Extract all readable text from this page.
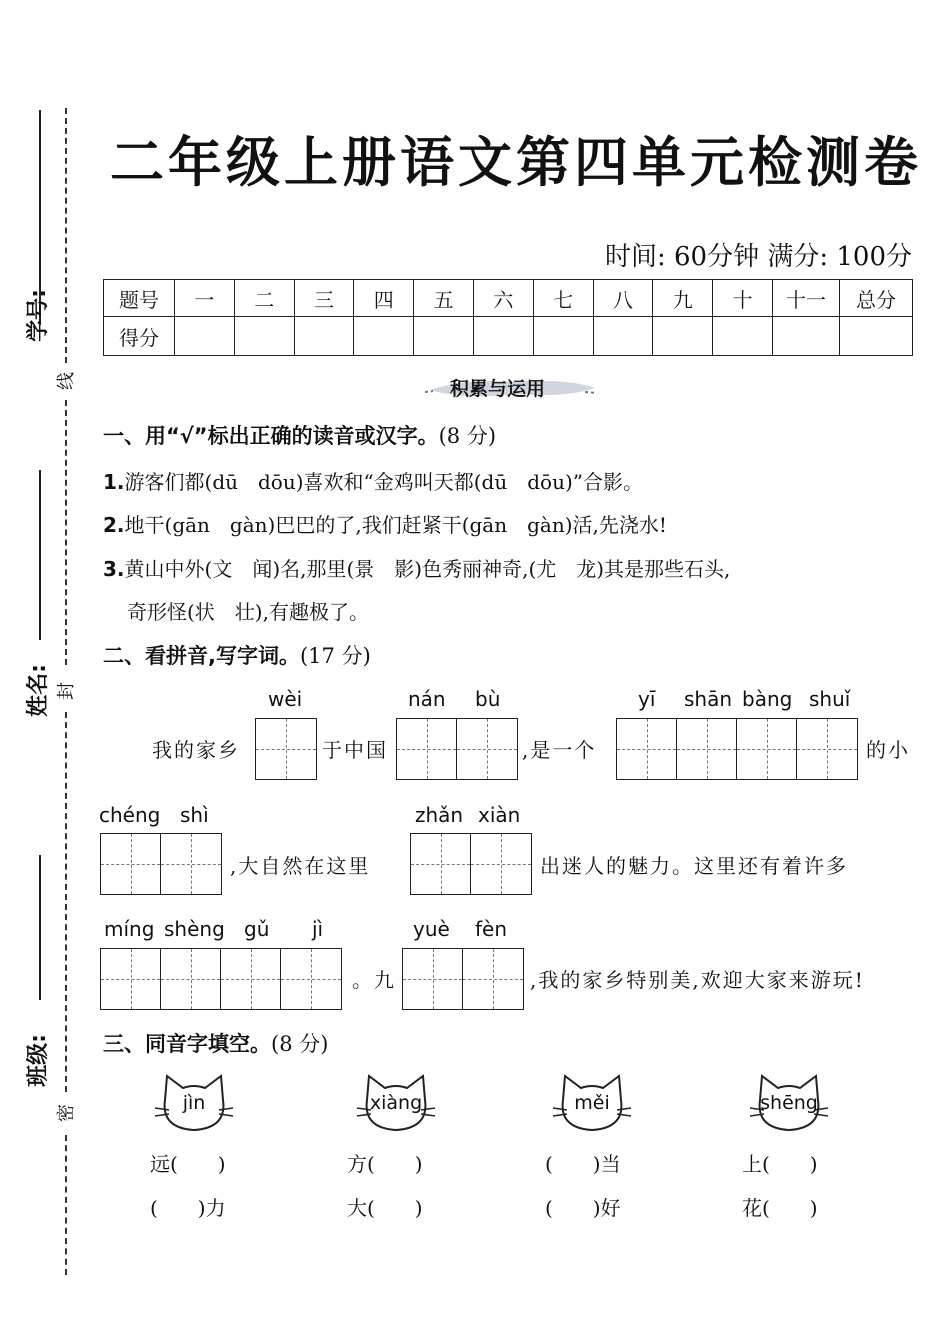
学号:
姓名:
班级:
线
封
密
二年级上册语文第四单元检测卷
时间: 60分钟 满分: 100分
题号	一	二	三	四	五	六	七	八	九	十	十一	总分
得分												
积累与运用
一、用“√”标出正确的读音或汉字。(8 分)
1.游客们都(dū　dōu)喜欢和“金鸡叫天都(dū　dōu)”合影。
2.地干(gān　gàn)巴巴的了,我们赶紧干(gān　gàn)活,先浇水!
3.黄山中外(文　闻)名,那里(景　影)色秀丽神奇,(尤　龙)其是那些石头,
奇形怪(状　壮),有趣极了。
二、看拼音,写字词。(17 分)
wèi	nán bù	yī shān bàng shuǐ
我的家乡	于中国	,是一个	的小
chéng shì	zhǎn xiàn
,大自然在这里	出迷人的魅力。这里还有着许多
míng shèng gǔ jì	yuè fèn
。九	,我的家乡特别美,欢迎大家来游玩!
三、同音字填空。(8 分)
jìn	xiàng	měi	shēng
远(　　)
(　　)力
方(　　)
大(　　)
(　　)当
(　　)好
上(　　)
花(　　)
